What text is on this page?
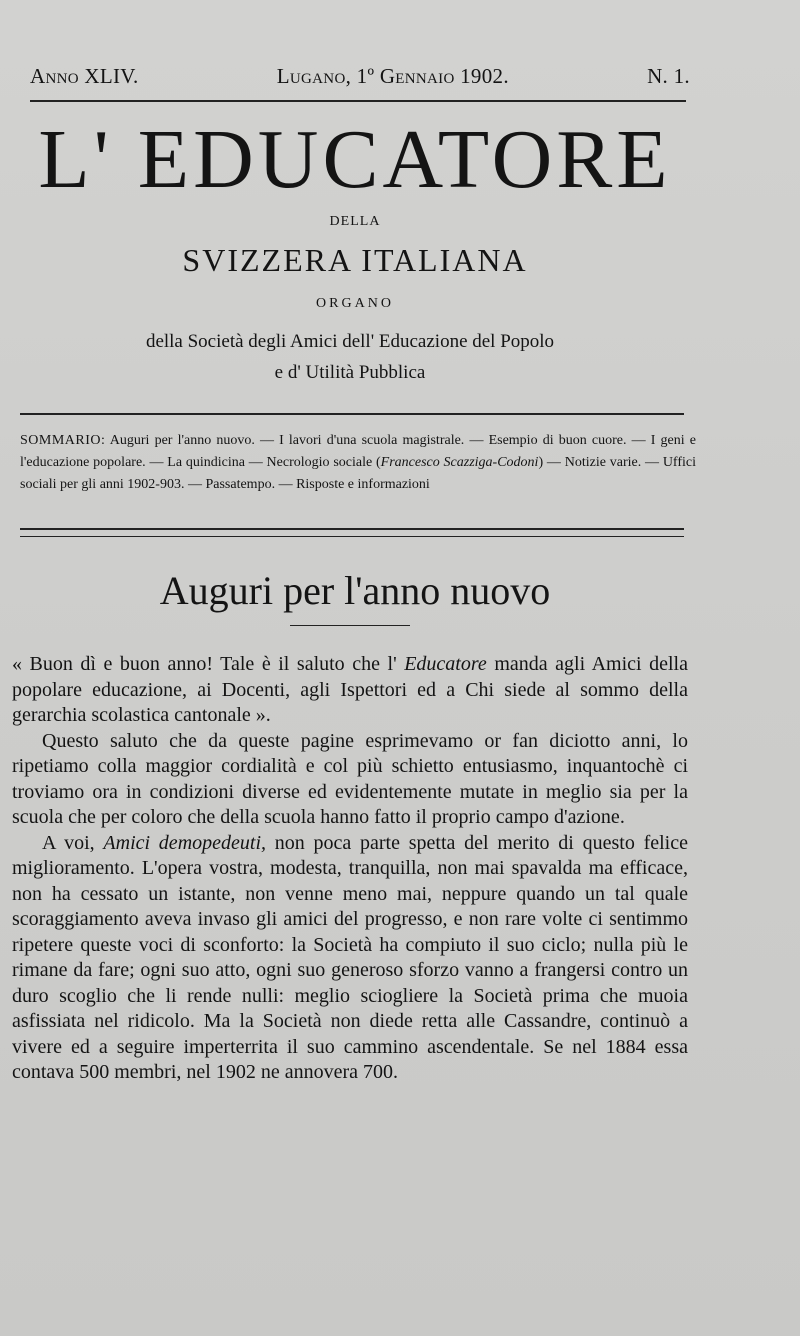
Anno XLIV.	Lugano, 1º Gennaio 1902.	N. 1.
L' EDUCATORE
DELLA
SVIZZERA ITALIANA
ORGANO
della Società degli Amici dell' Educazione del Popolo
e d' Utilità Pubblica
SOMMARIO: Auguri per l'anno nuovo. — I lavori d'una scuola magistrale. — Esempio di buon cuore. — I geni e l'educazione popolare. — La quindicina — Necrologio sociale (Francesco Scazziga-Codoni) — Notizie varie. — Uffici sociali per gli anni 1902-903. — Passatempo. — Risposte e informazioni
Auguri per l'anno nuovo

« Buon dì e buon anno! Tale è il saluto che l' Educatore manda agli Amici della popolare educazione, ai Docenti, agli Ispettori ed a Chi siede al sommo della gerarchia scolastica cantonale ».

Questo saluto che da queste pagine esprimevamo or fan diciotto anni, lo ripetiamo colla maggior cordialità e col più schietto entusiasmo, inquantochè ci troviamo ora in condizioni diverse ed evidentemente mutate in meglio sia per la scuola che per coloro che della scuola hanno fatto il proprio campo d'azione.

A voi, Amici demopedeuti, non poca parte spetta del merito di questo felice miglioramento. L'opera vostra, modesta, tranquilla, non mai spavalda ma efficace, non ha cessato un istante, non venne meno mai, neppure quando un tal quale scoraggiamento aveva invaso gli amici del progresso, e non rare volte ci sentimmo ripetere queste voci di sconforto: la Società ha compiuto il suo ciclo; nulla più le rimane da fare; ogni suo atto, ogni suo generoso sforzo vanno a frangersi contro un duro scoglio che li rende nulli: meglio sciogliere la Società prima che muoia asfissiata nel ridicolo. Ma la Società non diede retta alle Cassandre, continuò a vivere ed a seguire imperterrita il suo cammino ascendentale. Se nel 1884 essa contava 500 membri, nel 1902 ne annovera 700.
